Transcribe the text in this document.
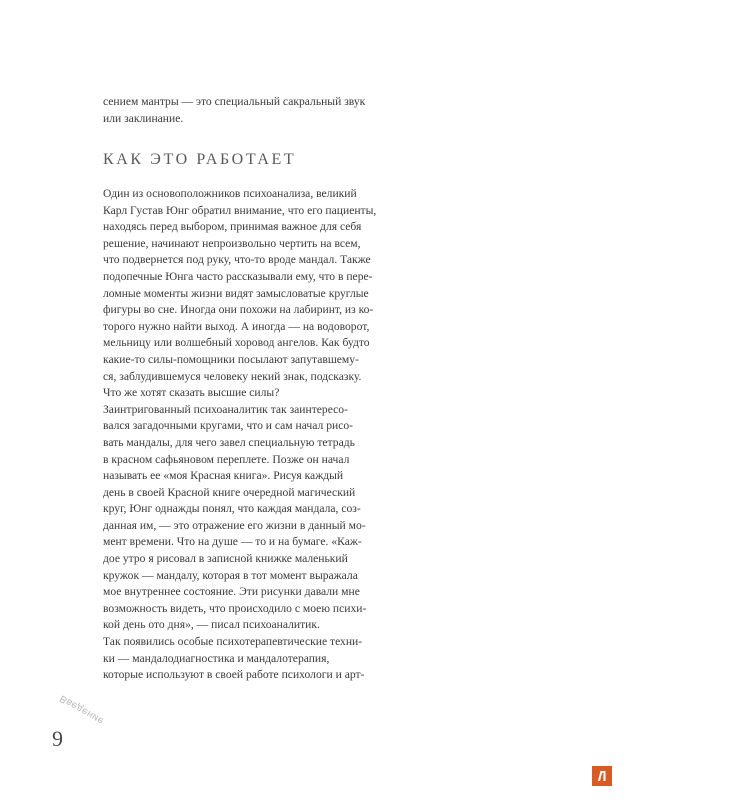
сением мантры — это специальный сакральный звук
или заклинание.

КАК ЭТО РАБОТАЕТ

Один из основоположников психоанализа, великий
Карл Густав Юнг обратил внимание, что его пациенты,
находясь перед выбором, принимая важное для себя
решение, начинают непроизвольно чертить на всем,
что подвернется под руку, что-то вроде мандал. Также
подопечные Юнга часто рассказывали ему, что в пере-
ломные моменты жизни видят замысловатые круглые
фигуры во сне. Иногда они похожи на лабиринт, из ко-
торого нужно найти выход. А иногда — на водоворот,
мельницу или волшебный хоровод ангелов. Как будто
какие-то силы-помощники посылают запутавшему-
ся, заблудившемуся человеку некий знак, подсказку.
Что же хотят сказать высшие силы?
Заинтригованный психоаналитик так заинтересо-
вался загадочными кругами, что и сам начал рисо-
вать мандалы, для чего завел специальную тетрадь
в красном сафьяновом переплете. Позже он начал
называть ее «моя Красная книга». Рисуя каждый
день в своей Красной книге очередной магический
круг, Юнг однажды понял, что каждая мандала, соз-
данная им, — это отражение его жизни в данный мо-
мент времени. Что на душе — то и на бумаге. «Каж-
дое утро я рисовал в записной книжке маленький
кружок — мандалу, которая в тот момент выражала
мое внутреннее состояние. Эти рисунки давали мне
возможность видеть, что происходило с моею психи-
кой день ото дня», — писал психоаналитик.
Так появились особые психотерапевтические техни-
ки — мандалодиагностика и мандалотерапия,
которые используют в своей работе психологи и арт-

Введение
9
